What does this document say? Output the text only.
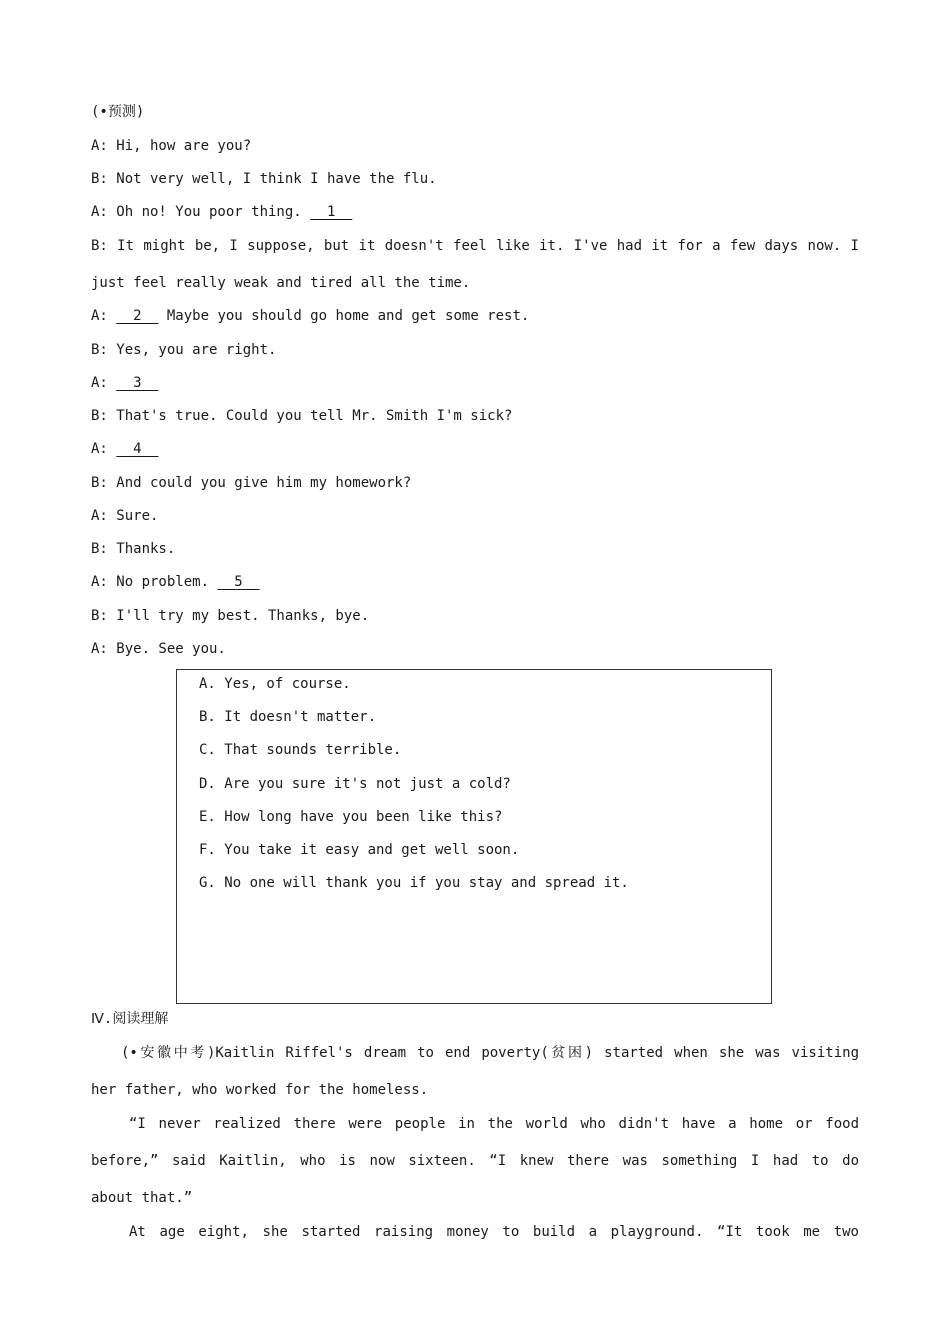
(•预测)
A: Hi, how are you?
B: Not very well, I think I have the flu.
A: Oh no! You poor thing.   1
B: It might be, I suppose, but it doesn't feel like it. I've had it for a few days now. I
just feel really weak and tired all the time.
A:   2   Maybe you should go home and get some rest.
B: Yes, you are right.
A:   3
B: That's true. Could you tell Mr. Smith I'm sick?
A:   4
B: And could you give him my homework?
A: Sure.
B: Thanks.
A: No problem.   5
B: I'll try my best. Thanks, bye.
A: Bye. See you.
Ⅳ.阅读理解
(•安徽中考)Kaitlin Riffel's dream to end poverty(贫困) started when she was visiting
her father, who worked for the homeless.
“I never realized there were people in the world who didn't have a home or food
before,” said Kaitlin, who is now sixteen. “I knew there was something I had to do
about that.”
At age eight, she started raising money to build a playground. “It took me two
A. Yes, of course.
B. It doesn't matter.
C. That sounds terrible.
D. Are you sure it's not just a cold?
E. How long have you been like this?
F. You take it easy and get well soon.
G. No one will thank you if you stay and spread it.
